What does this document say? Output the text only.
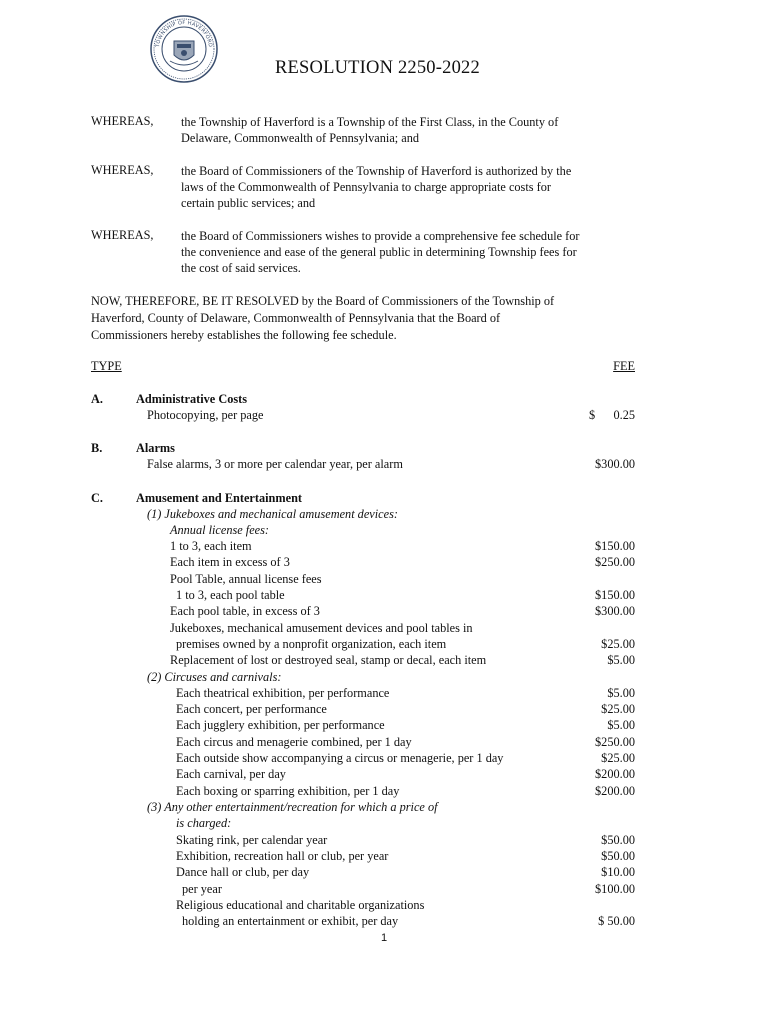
TOWNSHIP OF HAVERFORD
RESOLUTION 2250-2022
WHEREAS, the Township of Haverford is a Township of the First Class, in the County of
Delaware, Commonwealth of Pennsylvania; and
WHEREAS, the Board of Commissioners of the Township of Haverford is authorized by the
laws of the Commonwealth of Pennsylvania to charge appropriate costs for
certain public services; and
WHEREAS, the Board of Commissioners wishes to provide a comprehensive fee schedule for
the convenience and ease of the general public in determining Township fees for
the cost of said services.
NOW, THEREFORE, BE IT RESOLVED by the Board of Commissioners of the Township of
Haverford, County of Delaware, Commonwealth of Pennsylvania that the Board of
Commissioners hereby establishes the following fee schedule.
TYPE	FEE
A.	Administrative Costs
Photocopying, per page	$ 0.25
B.	Alarms
False alarms, 3 or more per calendar year, per alarm	$300.00
C.	Amusement and Entertainment
(1) Jukeboxes and mechanical amusement devices:
Annual license fees:
1 to 3, each item	$150.00
Each item in excess of 3	$250.00
Pool Table, annual license fees
1 to 3, each pool table	$150.00
Each pool table, in excess of 3	$300.00
Jukeboxes, mechanical amusement devices and pool tables in
premises owned by a nonprofit organization, each item	$25.00
Replacement of lost or destroyed seal, stamp or decal, each item	$5.00
(2) Circuses and carnivals:
Each theatrical exhibition, per performance	$5.00
Each concert, per performance	$25.00
Each jugglery exhibition, per performance	$5.00
Each circus and menagerie combined, per 1 day	$250.00
Each outside show accompanying a circus or menagerie, per 1 day	$25.00
Each carnival, per day	$200.00
Each boxing or sparring exhibition, per 1 day	$200.00
(3) Any other entertainment/recreation for which a price of
is charged:
Skating rink, per calendar year	$50.00
Exhibition, recreation hall or club, per year	$50.00
Dance hall or club, per day	$10.00
per year	$100.00
Religious educational and charitable organizations
holding an entertainment or exhibit, per day	$ 50.00
1
